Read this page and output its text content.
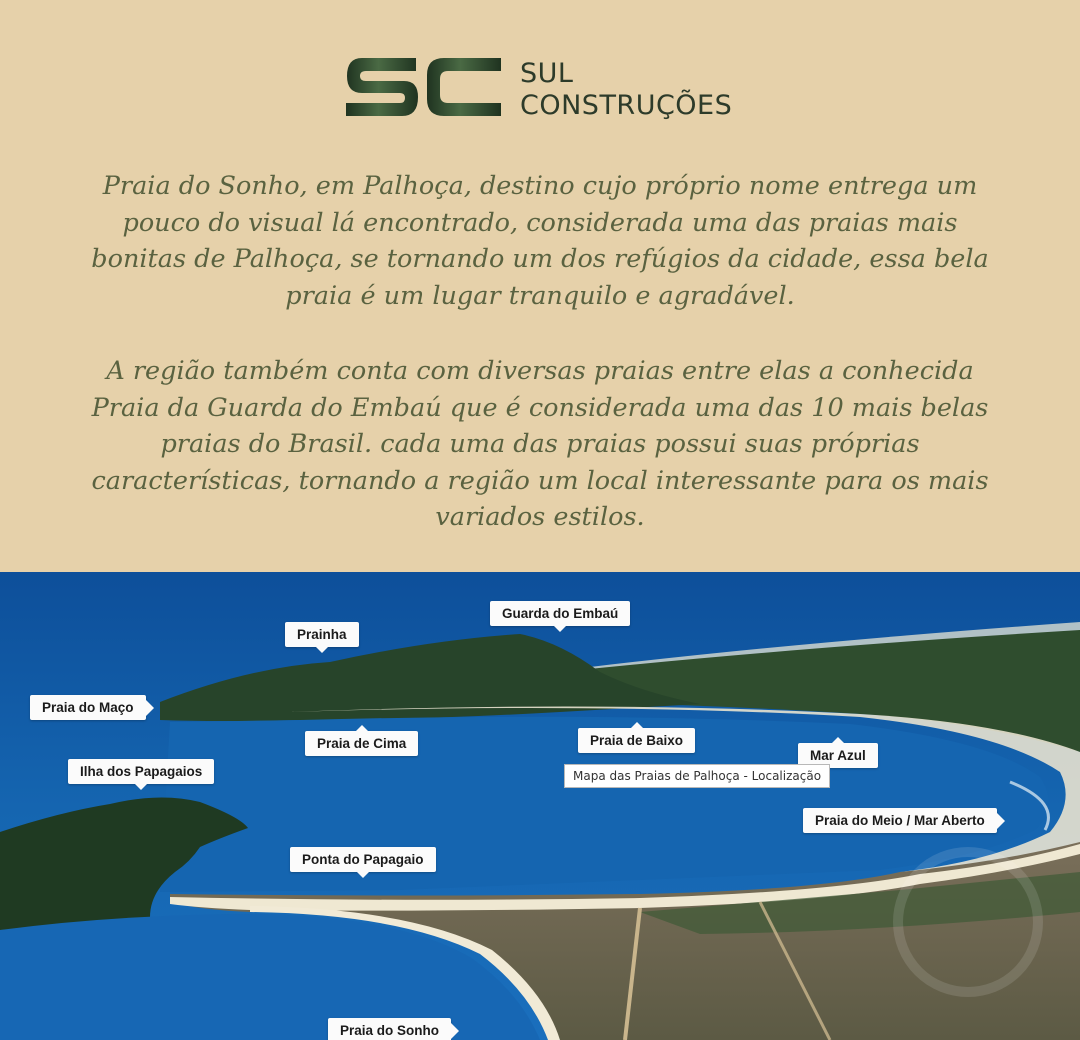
SUL
CONSTRUÇÕES

Praia do Sonho, em Palhoça, destino cujo próprio nome entrega um pouco do visual lá encontrado, considerada uma das praias mais bonitas de Palhoça, se tornando um dos refúgios da cidade, essa bela praia é um lugar tranquilo e agradável.

A região também conta com diversas praias entre elas a conhecida Praia da Guarda do Embaú que é considerada uma das 10 mais belas praias do Brasil. cada uma das praias possui suas próprias características, tornando a região um local interessante para os mais variados estilos.

Guarda do Embaú
Prainha
Praia do Maço
Praia de Cima	Praia de Baixo
Mar Azul
Ilha dos Papagaios
Praia do Meio / Mar Aberto
Ponta do Papagaio
Praia do Sonho
Mapa das Praias de Palhoça - Localização
